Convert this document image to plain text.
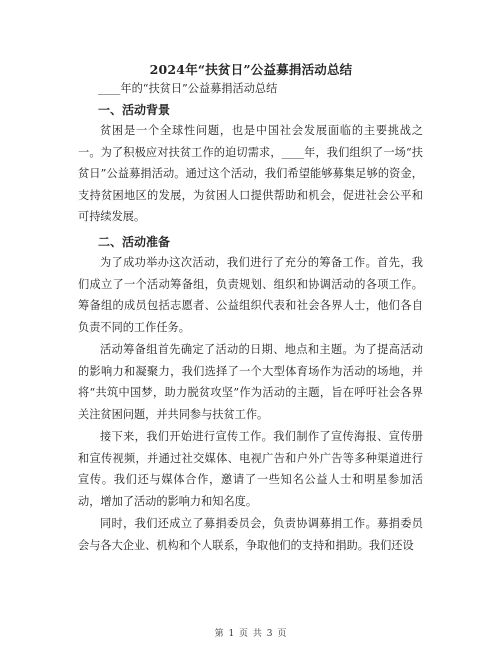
2024年“扶贫日”公益募捐活动总结
____年的“扶贫日”公益募捐活动总结
一、活动背景
贫困是一个全球性问题，也是中国社会发展面临的主要挑战之一。为了积极应对扶贫工作的迫切需求，____年，我们组织了一场“扶贫日”公益募捐活动。通过这个活动，我们希望能够募集足够的资金，支持贫困地区的发展，为贫困人口提供帮助和机会，促进社会公平和可持续发展。
二、活动准备
为了成功举办这次活动，我们进行了充分的筹备工作。首先，我们成立了一个活动筹备组，负责规划、组织和协调活动的各项工作。筹备组的成员包括志愿者、公益组织代表和社会各界人士，他们各自负责不同的工作任务。
活动筹备组首先确定了活动的日期、地点和主题。为了提高活动的影响力和凝聚力，我们选择了一个大型体育场作为活动的场地，并将“共筑中国梦，助力脱贫攻坚”作为活动的主题，旨在呼吁社会各界关注贫困问题，并共同参与扶贫工作。
接下来，我们开始进行宣传工作。我们制作了宣传海报、宣传册和宣传视频，并通过社交媒体、电视广告和户外广告等多种渠道进行宣传。我们还与媒体合作，邀请了一些知名公益人士和明星参加活动，增加了活动的影响力和知名度。
同时，我们还成立了募捐委员会，负责协调募捐工作。募捐委员会与各大企业、机构和个人联系，争取他们的支持和捐助。我们还设
第 1 页 共 3 页
